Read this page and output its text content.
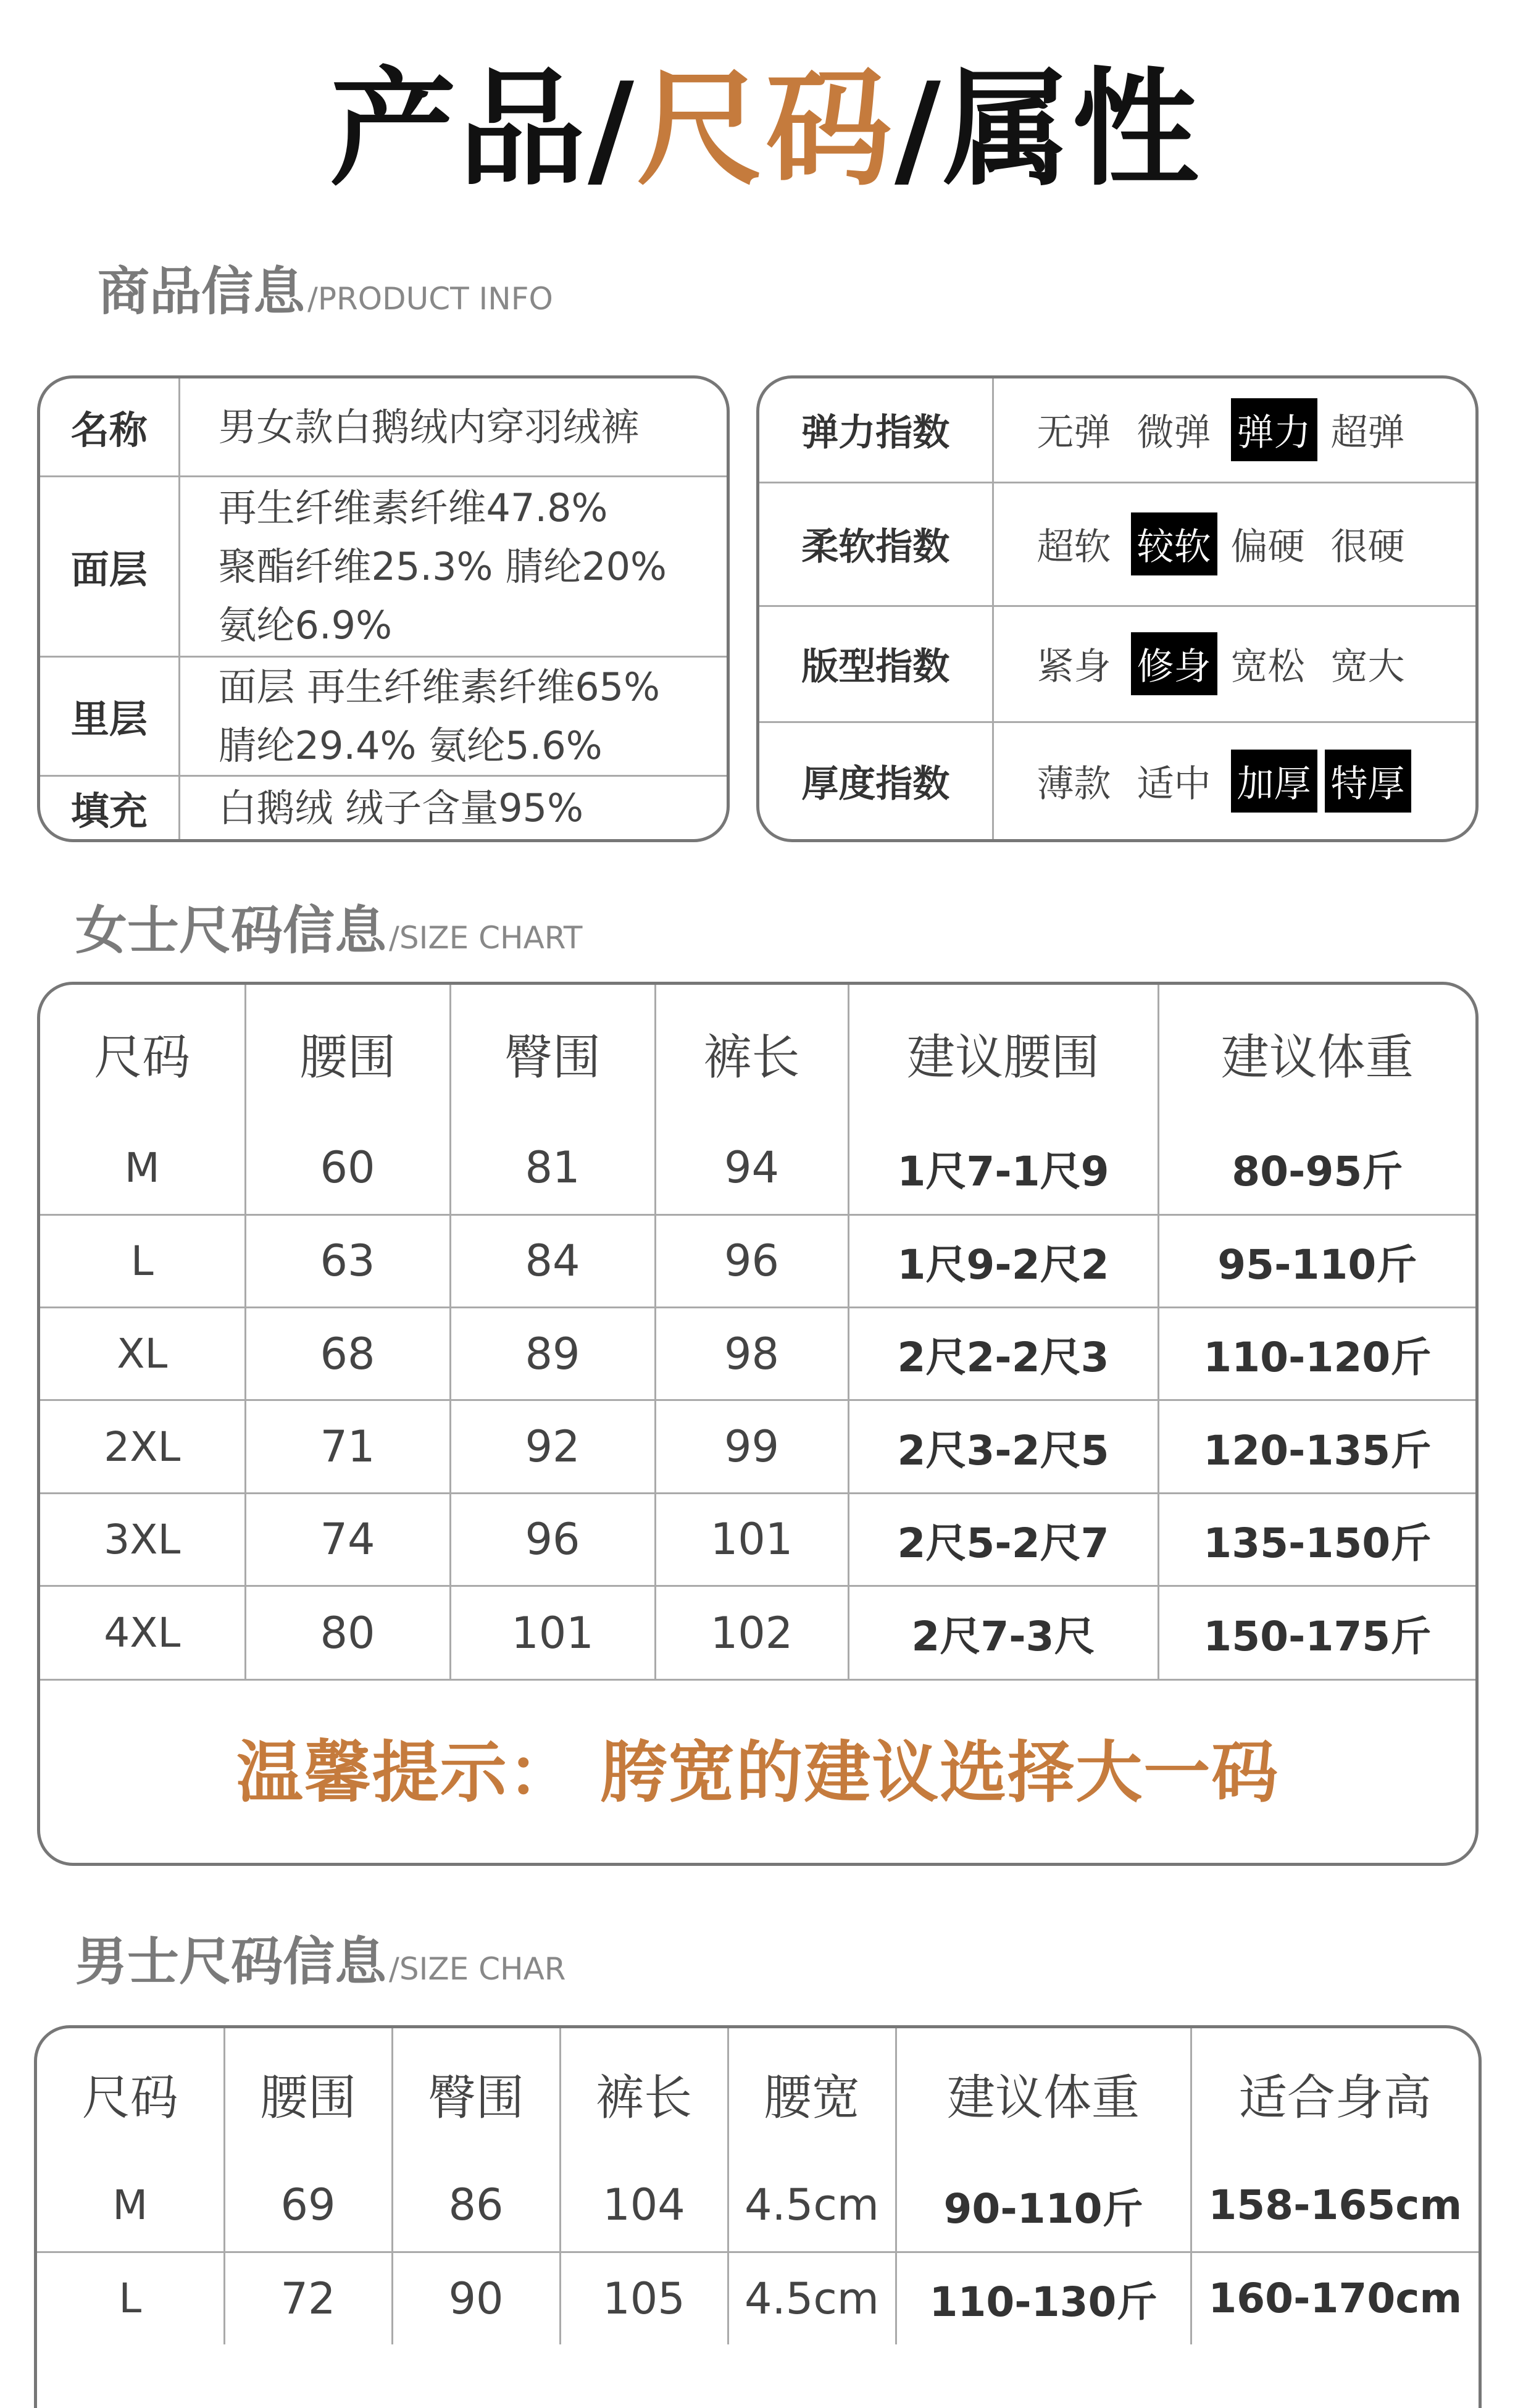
产品/尺码/属性
商品信息/PRODUCT INFO
名称	男女款白鹅绒内穿羽绒裤

面层	再生纤维素纤维47.8%
聚酯纤维25.3% 腈纶20%
氨纶6.9%

里层	面层 再生纤维素纤维65%
腈纶29.4% 氨纶5.6%

填充	白鹅绒 绒子含量95%
弹力指数	无弹 微弹 弹力 超弹
柔软指数	超软 较软 偏硬 很硬
版型指数	紧身 修身 宽松 宽大
厚度指数	薄款 适中 加厚 特厚
女士尺码信息/SIZE CHART
尺码	腰围	臀围	裤长	建议腰围	建议体重
M	60	81	94	1尺7-1尺9	80-95斤
L	63	84	96	1尺9-2尺2	95-110斤
XL	68	89	98	2尺2-2尺3	110-120斤
2XL	71	92	99	2尺3-2尺5	120-135斤
3XL	74	96	101	2尺5-2尺7	135-150斤
4XL	80	101	102	2尺7-3尺	150-175斤
温馨提示： 胯宽的建议选择大一码
男士尺码信息/SIZE CHAR
尺码	腰围	臀围	裤长	腰宽	建议体重	适合身高
M	69	86	104	4.5cm	90-110斤	158-165cm
L	72	90	105	4.5cm	110-130斤	160-170cm
